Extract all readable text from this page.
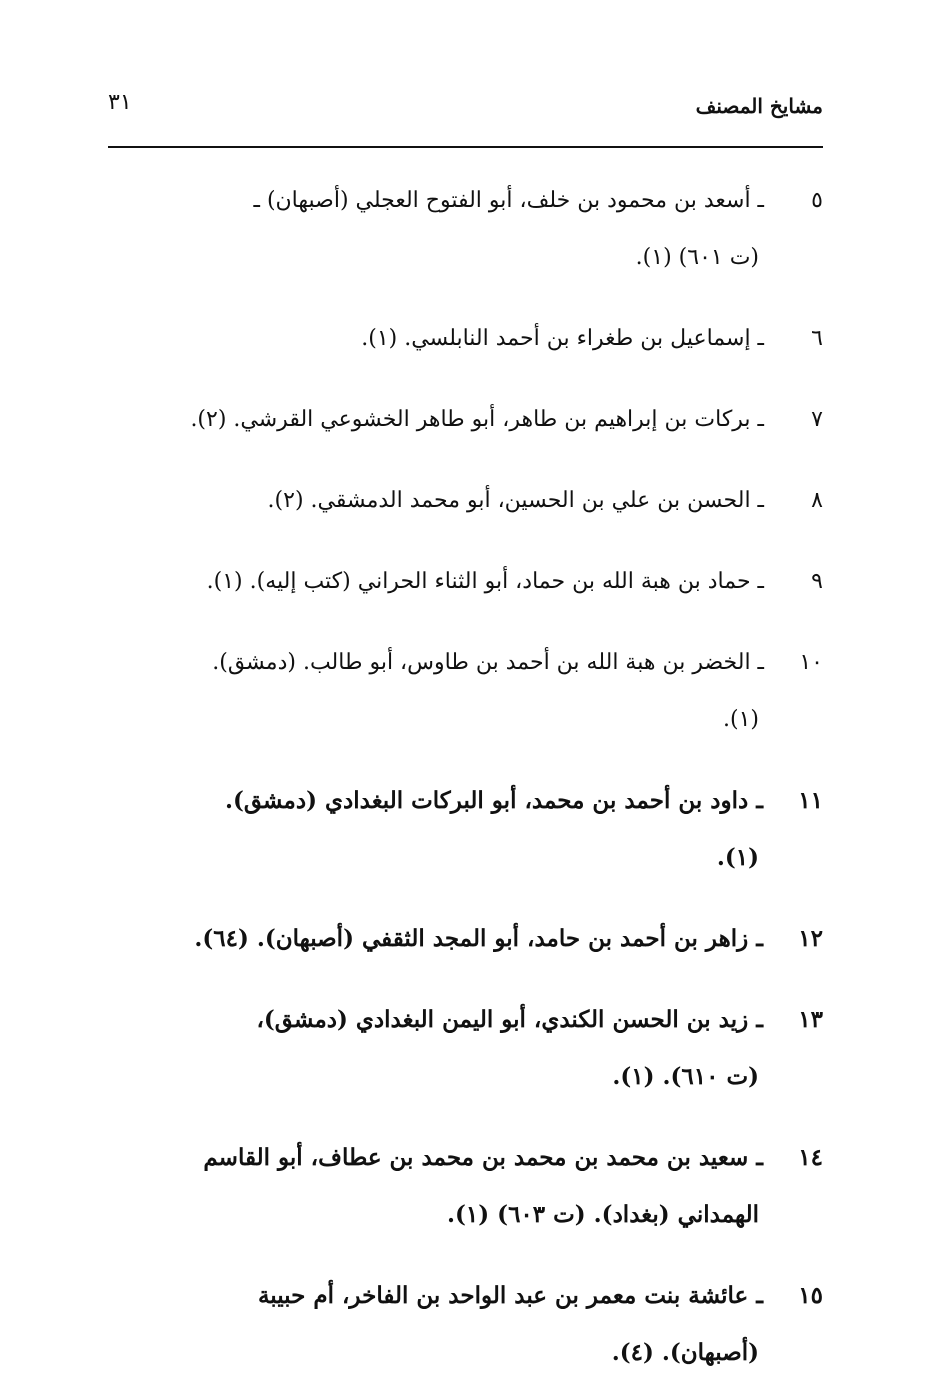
مشايخ المصنف
٣١
٥ ـ أسعد بن محمود بن خلف، أبو الفتوح العجلي (أصبهان) ـ
(ت ٦٠١) (١).
٦ ـ إسماعيل بن طغراء بن أحمد النابلسي. (١).
٧ ـ بركات بن إبراهيم بن طاهر، أبو طاهر الخشوعي القرشي. (٢).
٨ ـ الحسن بن علي بن الحسين، أبو محمد الدمشقي. (٢).
٩ ـ حماد بن هبة الله بن حماد، أبو الثناء الحراني (كتب إليه). (١).
١٠ ـ الخضر بن هبة الله بن أحمد بن طاوس، أبو طالب. (دمشق).
(١).
١١ ـ داود بن أحمد بن محمد، أبو البركات البغدادي (دمشق).
(١).
١٢ ـ زاهر بن أحمد بن حامد، أبو المجد الثقفي (أصبهان). (٦٤).
١٣ ـ زيد بن الحسن الكندي، أبو اليمن البغدادي (دمشق)،
(ت ٦١٠). (١).
١٤ ـ سعيد بن محمد بن محمد بن محمد بن عطاف، أبو القاسم
الهمداني (بغداد). (ت ٦٠٣) (١).
١٥ ـ عائشة بنت معمر بن عبد الواحد بن الفاخر، أم حبيبة
(أصبهان). (٤).
